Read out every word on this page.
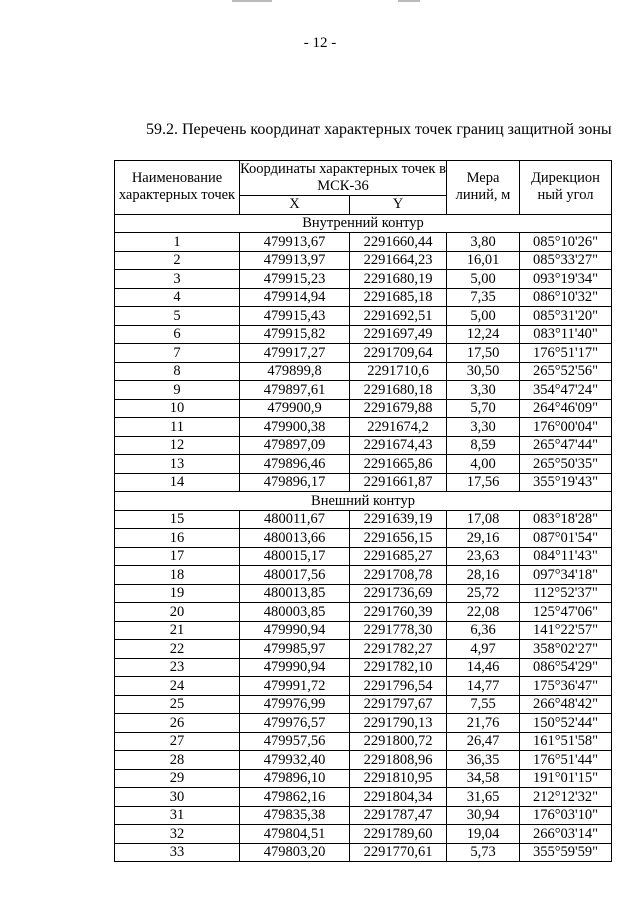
- 12 -
59.2. Перечень координат характерных точек границ защитной зоны
Наименование характерных точек	Координаты характерных точек в МСК-36		Мера линий, м	Дирекцион ный угол
	X	Y		
Внутренний контур				
1	479913,67	2291660,44	3,80	085°10'26"
2	479913,97	2291664,23	16,01	085°33'27"
3	479915,23	2291680,19	5,00	093°19'34"
4	479914,94	2291685,18	7,35	086°10'32"
5	479915,43	2291692,51	5,00	085°31'20"
6	479915,82	2291697,49	12,24	083°11'40"
7	479917,27	2291709,64	17,50	176°51'17"
8	479899,8	2291710,6	30,50	265°52'56"
9	479897,61	2291680,18	3,30	354°47'24"
10	479900,9	2291679,88	5,70	264°46'09"
11	479900,38	2291674,2	3,30	176°00'04"
12	479897,09	2291674,43	8,59	265°47'44"
13	479896,46	2291665,86	4,00	265°50'35"
14	479896,17	2291661,87	17,56	355°19'43"
Внешний контур				
15	480011,67	2291639,19	17,08	083°18'28"
16	480013,66	2291656,15	29,16	087°01'54"
17	480015,17	2291685,27	23,63	084°11'43"
18	480017,56	2291708,78	28,16	097°34'18"
19	480013,85	2291736,69	25,72	112°52'37"
20	480003,85	2291760,39	22,08	125°47'06"
21	479990,94	2291778,30	6,36	141°22'57"
22	479985,97	2291782,27	4,97	358°02'27"
23	479990,94	2291782,10	14,46	086°54'29"
24	479991,72	2291796,54	14,77	175°36'47"
25	479976,99	2291797,67	7,55	266°48'42"
26	479976,57	2291790,13	21,76	150°52'44"
27	479957,56	2291800,72	26,47	161°51'58"
28	479932,40	2291808,96	36,35	176°51'44"
29	479896,10	2291810,95	34,58	191°01'15"
30	479862,16	2291804,34	31,65	212°12'32"
31	479835,38	2291787,47	30,94	176°03'10"
32	479804,51	2291789,60	19,04	266°03'14"
33	479803,20	2291770,61	5,73	355°59'59"
